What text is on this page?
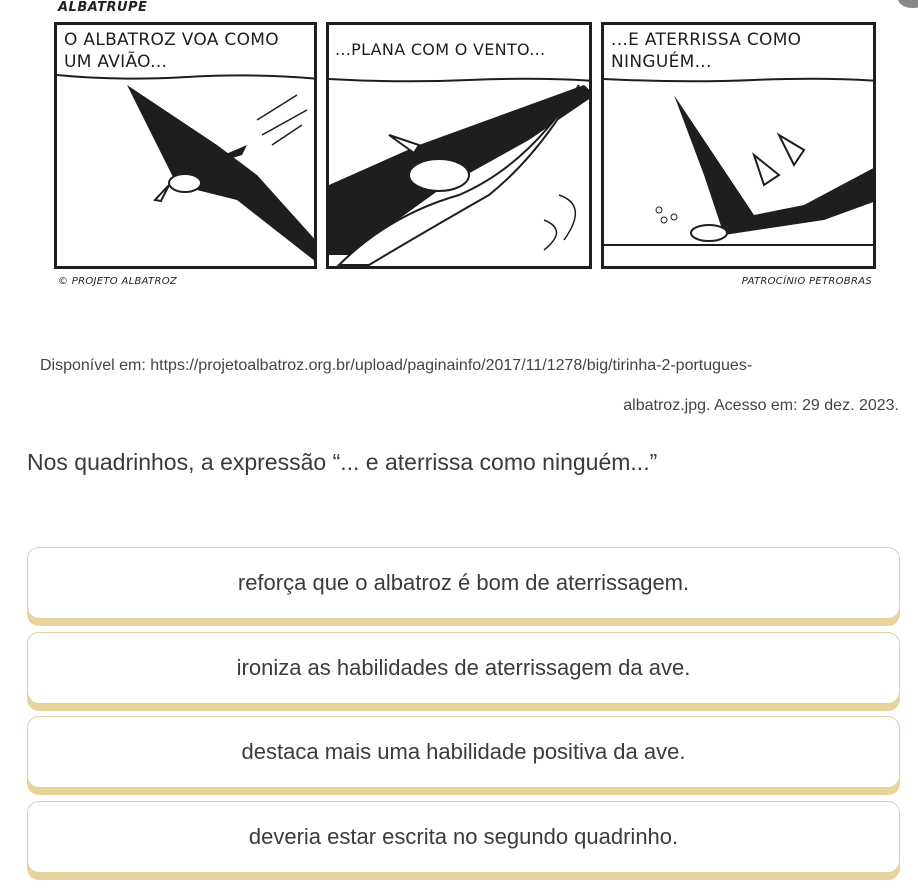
ALBATRUPE
O ALBATROZ VOA COMO UM AVIÃO...
...PLANA COM O VENTO...	...E ATERRISSA COMO NINGUÉM...
© PROJETO ALBATROZ	PATROCÍNIO PETROBRAS
Disponível em: https://projetoalbatroz.org.br/upload/paginainfo/2017/11/1278/big/tirinha-2-portugues-
albatroz.jpg. Acesso em: 29 dez. 2023.
Nos quadrinhos, a expressão “... e aterrissa como ninguém...”
reforça que o albatroz é bom de aterrissagem.
ironiza as habilidades de aterrissagem da ave.
destaca mais uma habilidade positiva da ave.
deveria estar escrita no segundo quadrinho.
